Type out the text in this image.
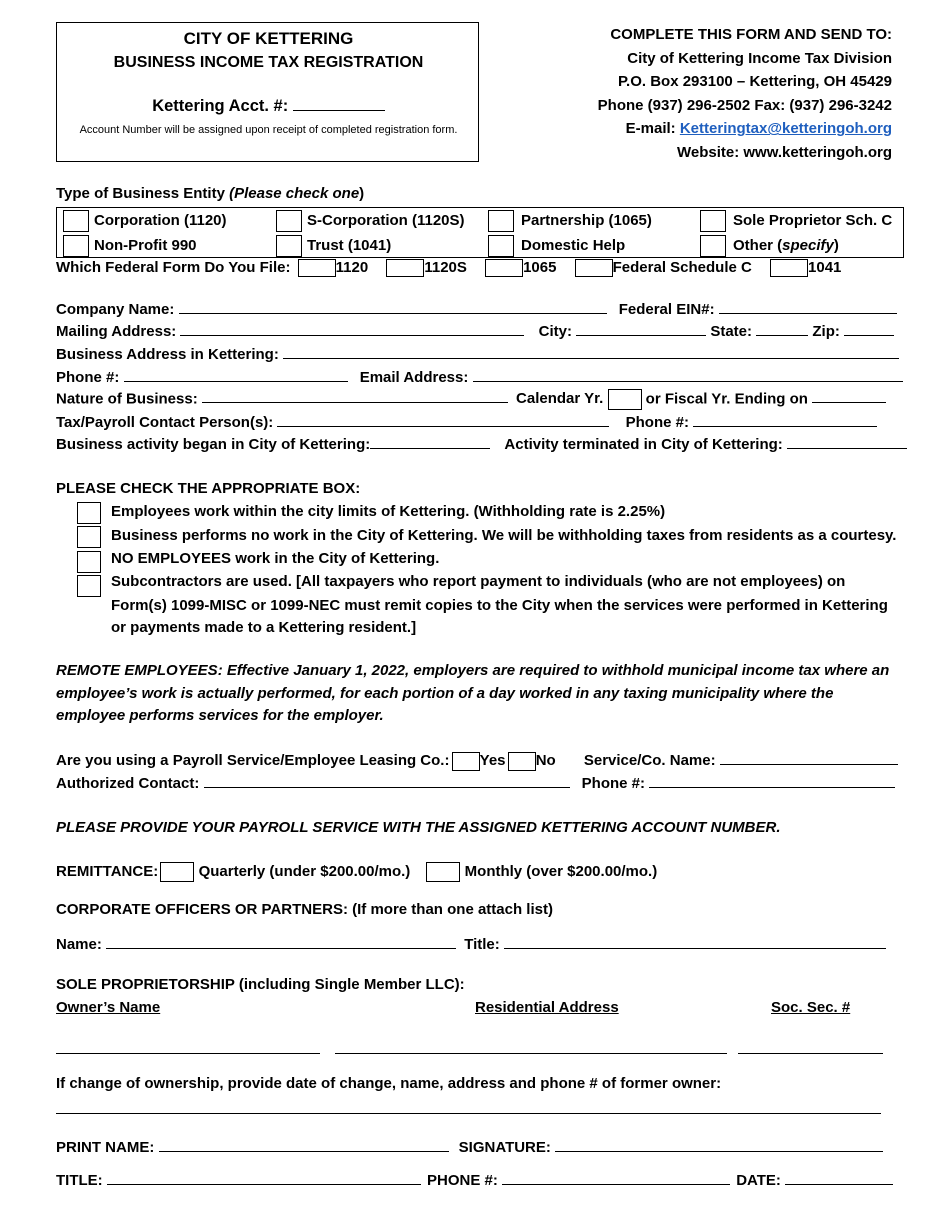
CITY OF KETTERING
BUSINESS INCOME TAX REGISTRATION
Kettering Acct. #:
Account Number will be assigned upon receipt of completed registration form.
COMPLETE THIS FORM AND SEND TO:
City of Kettering Income Tax Division
P.O. Box 293100 – Kettering, OH 45429
Phone (937) 296-2502 Fax: (937) 296-3242
E-mail: Ketteringtax@ketteringoh.org
Website: www.ketteringoh.org
Type of Business Entity (Please check one)
Corporation (1120)	S-Corporation (1120S)	Partnership (1065)	Sole Proprietor Sch. C
Non-Profit 990	Trust (1041)	Domestic Help	Other (specify)
Which Federal Form Do You File:	1120	1120S	1065	Federal Schedule C	1041
Company Name:	Federal EIN#:
Mailing Address:	City:	State:	Zip:
Business Address in Kettering:
Phone #:	Email Address:
Nature of Business:	Calendar Yr.	or Fiscal Yr. Ending on
Tax/Payroll Contact Person(s):	Phone #:
Business activity began in City of Kettering:	Activity terminated in City of Kettering:
PLEASE CHECK THE APPROPRIATE BOX:
Employees work within the city limits of Kettering. (Withholding rate is 2.25%)
Business performs no work in the City of Kettering. We will be withholding taxes from residents as a courtesy.
NO EMPLOYEES work in the City of Kettering.
Subcontractors are used. [All taxpayers who report payment to individuals (who are not employees) on
Form(s) 1099-MISC or 1099-NEC must remit copies to the City when the services were performed in Kettering
or payments made to a Kettering resident.]
REMOTE EMPLOYEES: Effective January 1, 2022, employers are required to withhold municipal income tax where an
employee’s work is actually performed, for each portion of a day worked in any taxing municipality where the
employee performs services for the employer.
Are you using a Payroll Service/Employee Leasing Co.: Yes No Service/Co. Name:
Authorized Contact:	Phone #:
PLEASE PROVIDE YOUR PAYROLL SERVICE WITH THE ASSIGNED KETTERING ACCOUNT NUMBER.
REMITTANCE:	Quarterly (under $200.00/mo.)	Monthly (over $200.00/mo.)
CORPORATE OFFICERS OR PARTNERS: (If more than one attach list)
Name:	Title:
SOLE PROPRIETORSHIP (including Single Member LLC):
Owner’s Name	Residential Address	Soc. Sec. #
If change of ownership, provide date of change, name, address and phone # of former owner:
PRINT NAME:	SIGNATURE:
TITLE:	PHONE #:	DATE:
